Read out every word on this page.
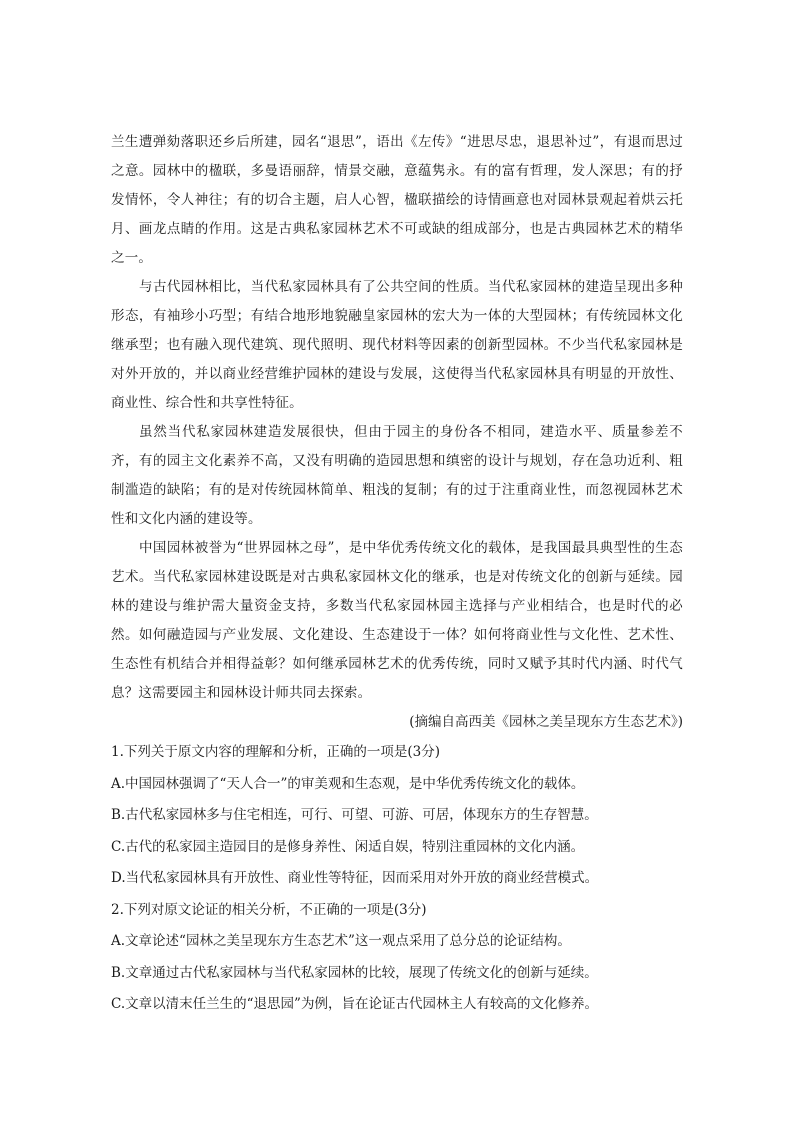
兰生遭弹劾落职还乡后所建，园名“退思”，语出《左传》“进思尽忠，退思补过”，有退而思过之意。园林中的楹联，多曼语丽辞，情景交融，意蕴隽永。有的富有哲理，发人深思；有的抒发情怀，令人神往；有的切合主题，启人心智，楹联描绘的诗情画意也对园林景观起着烘云托月、画龙点睛的作用。这是古典私家园林艺术不可或缺的组成部分，也是古典园林艺术的精华之一。

与古代园林相比，当代私家园林具有了公共空间的性质。当代私家园林的建造呈现出多种形态，有袖珍小巧型；有结合地形地貌融皇家园林的宏大为一体的大型园林；有传统园林文化继承型；也有融入现代建筑、现代照明、现代材料等因素的创新型园林。不少当代私家园林是对外开放的，并以商业经营维护园林的建设与发展，这使得当代私家园林具有明显的开放性、商业性、综合性和共享性特征。

虽然当代私家园林建造发展很快，但由于园主的身份各不相同，建造水平、质量参差不齐，有的园主文化素养不高，又没有明确的造园思想和缜密的设计与规划，存在急功近利、粗制滥造的缺陷；有的是对传统园林简单、粗浅的复制；有的过于注重商业性，而忽视园林艺术性和文化内涵的建设等。

中国园林被誉为“世界园林之母”，是中华优秀传统文化的载体，是我国最具典型性的生态艺术。当代私家园林建设既是对古典私家园林文化的继承，也是对传统文化的创新与延续。园林的建设与维护需大量资金支持，多数当代私家园林园主选择与产业相结合，也是时代的必然。如何融造园与产业发展、文化建设、生态建设于一体？如何将商业性与文化性、艺术性、生态性有机结合并相得益彰？如何继承园林艺术的优秀传统，同时又赋予其时代内涵、时代气息？这需要园主和园林设计师共同去探索。

(摘编自高西美《园林之美呈现东方生态艺术》)

1.下列关于原文内容的理解和分析，正确的一项是(3分)

A.中国园林强调了“天人合一”的审美观和生态观，是中华优秀传统文化的载体。

B.古代私家园林多与住宅相连，可行、可望、可游、可居，体现东方的生存智慧。

C.古代的私家园主造园目的是修身养性、闲适自娱，特别注重园林的文化内涵。

D.当代私家园林具有开放性、商业性等特征，因而采用对外开放的商业经营模式。

2.下列对原文论证的相关分析，不正确的一项是(3分)

A.文章论述“园林之美呈现东方生态艺术”这一观点采用了总分总的论证结构。

B.文章通过古代私家园林与当代私家园林的比较，展现了传统文化的创新与延续。

C.文章以清末任兰生的“退思园”为例，旨在论证古代园林主人有较高的文化修养。
